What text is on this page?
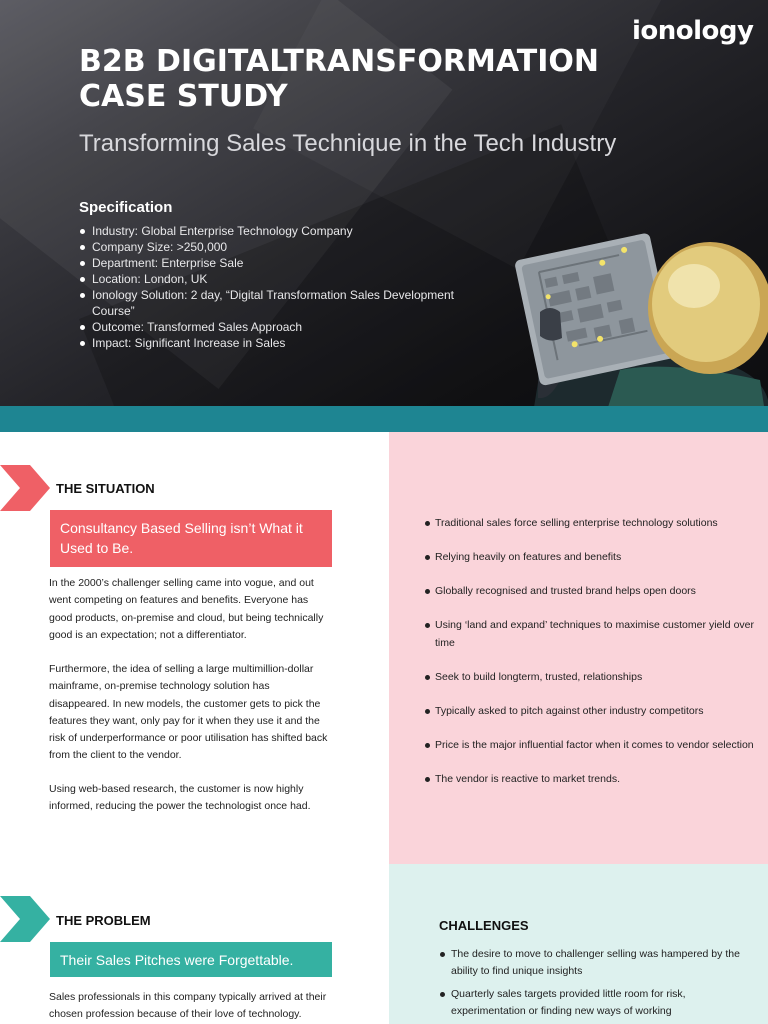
ionology
B2B DIGITALTRANSFORMATION CASE STUDY
Transforming Sales Technique in the Tech Industry
Specification
Industry: Global Enterprise Technology Company
Company Size: >250,000
Department: Enterprise Sale
Location: London, UK
Ionology Solution: 2 day, “Digital Transformation Sales Development Course”
Outcome: Transformed Sales Approach
Impact: Significant Increase in Sales
THE SITUATION
Consultancy Based Selling isn’t What it Used to Be.

In the 2000’s challenger selling came into vogue, and out went competing on features and benefits. Everyone has good products, on-premise and cloud, but being technically good is an expectation; not a differentiator.

Furthermore, the idea of selling a large multimillion-dollar mainframe, on-premise technology solution has disappeared. In new models, the customer gets to pick the features they want, only pay for it when they use it and the risk of underperformance or poor utilisation has shifted back from the client to the vendor.

Using web-based research, the customer is now highly informed, reducing the power the technologist once had.

Traditional sales force selling enterprise technology solutions
Relying heavily on features and benefits
Globally recognised and trusted brand helps open doors
Using ‘land and expand’ techniques to maximise customer yield over time
Seek to build longterm, trusted, relationships
Typically asked to pitch against other industry competitors
Price is the major influential factor when it comes to vendor selection
The vendor is reactive to market trends.
THE PROBLEM
Their Sales Pitches were Forgettable.

Sales professionals in this company typically arrived at their chosen profession because of their love of technology.

CHALLENGES
The desire to move to challenger selling was hampered by the ability to find unique insights
Quarterly sales targets provided little room for risk, experimentation or finding new ways of working
